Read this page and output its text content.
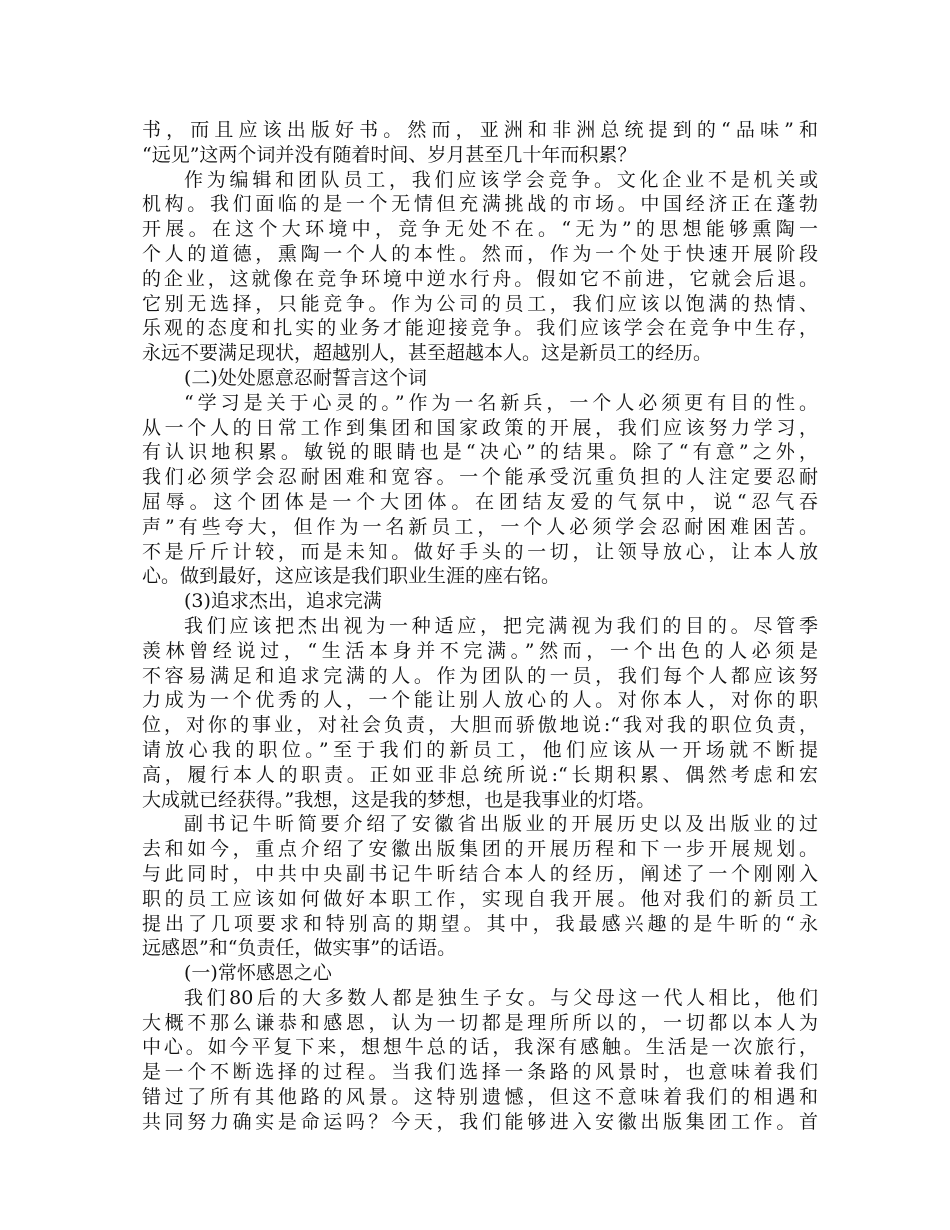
书，而且应该出版好书。然而，亚洲和非洲总统提到的“品味”和
“远见”这两个词并没有随着时间、岁月甚至几十年而积累？
作为编辑和团队员工，我们应该学会竞争。文化企业不是机关或
机构。我们面临的是一个无情但充满挑战的市场。中国经济正在蓬勃
开展。在这个大环境中，竞争无处不在。“无为”的思想能够熏陶一
个人的道德，熏陶一个人的本性。然而，作为一个处于快速开展阶段
的企业，这就像在竞争环境中逆水行舟。假如它不前进，它就会后退。
它别无选择，只能竞争。作为公司的员工，我们应该以饱满的热情、
乐观的态度和扎实的业务才能迎接竞争。我们应该学会在竞争中生存，
永远不要满足现状，超越别人，甚至超越本人。这是新员工的经历。
(二)处处愿意忍耐誓言这个词
“学习是关于心灵的。”作为一名新兵，一个人必须更有目的性。
从一个人的日常工作到集团和国家政策的开展，我们应该努力学习，
有认识地积累。敏锐的眼睛也是“决心”的结果。除了“有意”之外，
我们必须学会忍耐困难和宽容。一个能承受沉重负担的人注定要忍耐
屈辱。这个团体是一个大团体。在团结友爱的气氛中，说“忍气吞
声”有些夸大，但作为一名新员工，一个人必须学会忍耐困难困苦。
不是斤斤计较，而是未知。做好手头的一切，让领导放心，让本人放
心。做到最好，这应该是我们职业生涯的座右铭。
(3)追求杰出，追求完满
我们应该把杰出视为一种适应，把完满视为我们的目的。尽管季
羡林曾经说过，“生活本身并不完满。”然而，一个出色的人必须是
不容易满足和追求完满的人。作为团队的一员，我们每个人都应该努
力成为一个优秀的人，一个能让别人放心的人。对你本人，对你的职
位，对你的事业，对社会负责，大胆而骄傲地说:“我对我的职位负责，
请放心我的职位。”至于我们的新员工，他们应该从一开场就不断提
高，履行本人的职责。正如亚非总统所说:“长期积累、偶然考虑和宏
大成就已经获得。”我想，这是我的梦想，也是我事业的灯塔。
副书记牛昕简要介绍了安徽省出版业的开展历史以及出版业的过
去和如今，重点介绍了安徽出版集团的开展历程和下一步开展规划。
与此同时，中共中央副书记牛昕结合本人的经历，阐述了一个刚刚入
职的员工应该如何做好本职工作，实现自我开展。他对我们的新员工
提出了几项要求和特别高的期望。其中，我最感兴趣的是牛昕的“永
远感恩”和“负责任，做实事”的话语。
(一)常怀感恩之心
我们80后的大多数人都是独生子女。与父母这一代人相比，他们
大概不那么谦恭和感恩，认为一切都是理所所以的，一切都以本人为
中心。如今平复下来，想想牛总的话，我深有感触。生活是一次旅行，
是一个不断选择的过程。当我们选择一条路的风景时，也意味着我们
错过了所有其他路的风景。这特别遗憾，但这不意味着我们的相遇和
共同努力确实是命运吗？今天，我们能够进入安徽出版集团工作。首
